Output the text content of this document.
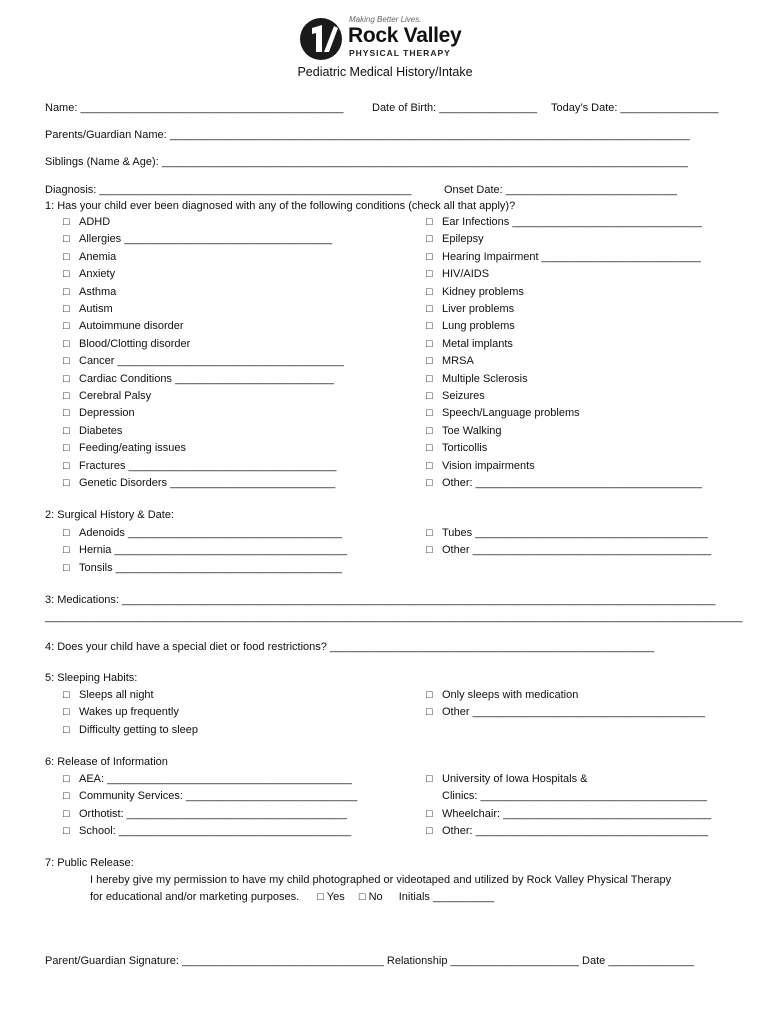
Making Better Lives.
Rock Valley
PHYSICAL THERAPY
Pediatric Medical History/Intake
Name: ___________________________________________	Date of Birth: ________________ Today’s Date: ________________
Parents/Guardian Name: _____________________________________________________________________________________
Siblings (Name & Age): ______________________________________________________________________________________
Diagnosis: ___________________________________________________	Onset Date: ____________________________
1: Has your child ever been diagnosed with any of the following conditions (check all that apply)?
□ ADHD
□ Allergies __________________________________
□ Anemia
□ Anxiety
□ Asthma
□ Autism
□ Autoimmune disorder
□ Blood/Clotting disorder
□ Cancer _____________________________________
□ Cardiac Conditions __________________________
□ Cerebral Palsy
□ Depression
□ Diabetes
□ Feeding/eating issues
□ Fractures __________________________________
□ Genetic Disorders ___________________________
□ Ear Infections _______________________________
□ Epilepsy
□ Hearing Impairment __________________________
□ HIV/AIDS
□ Kidney problems
□ Liver problems
□ Lung problems
□ Metal implants
□ MRSA
□ Multiple Sclerosis
□ Seizures
□ Speech/Language problems
□ Toe Walking
□ Torticollis
□ Vision impairments
□ Other: _____________________________________
2: Surgical History & Date:
□ Adenoids ___________________________________
□ Hernia ______________________________________
□ Tonsils _____________________________________
□ Tubes ______________________________________
□ Other _______________________________________
3: Medications: _________________________________________________________________________________________________
__________________________________________________________________________________________________________________
4: Does your child have a special diet or food restrictions? _____________________________________________________
5: Sleeping Habits:
□ Sleeps all night
□ Wakes up frequently
□ Difficulty getting to sleep
□ Only sleeps with medication
□ Other ______________________________________
6: Release of Information
□ AEA: ________________________________________
□ Community Services: ____________________________
□ Orthotist: ____________________________________
□ School: ______________________________________
□ University of Iowa Hospitals &
Clinics: _____________________________________
□ Wheelchair: __________________________________
□ Other: ______________________________________
7: Public Release:
I hereby give my permission to have my child photographed or videotaped and utilized by Rock Valley Physical Therapy
for educational and/or marketing purposes. □ Yes □ No Initials __________
Parent/Guardian Signature: _________________________________ Relationship _____________________ Date ______________
